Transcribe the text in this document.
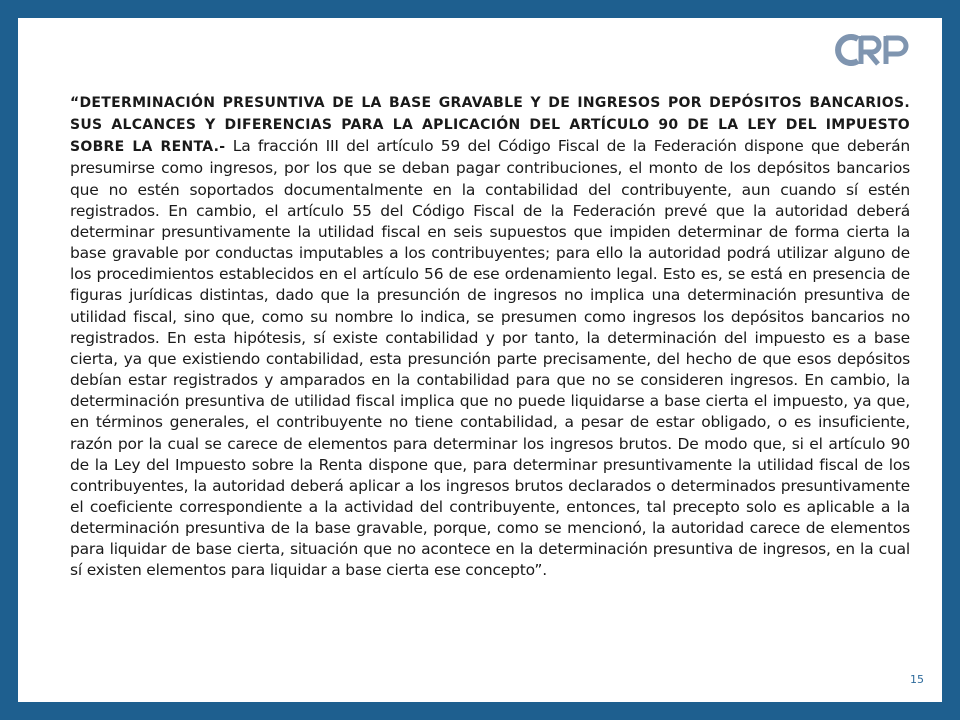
“DETERMINACIÓN PRESUNTIVA DE LA BASE GRAVABLE Y DE INGRESOS POR DEPÓSITOS BANCARIOS. SUS ALCANCES Y DIFERENCIAS PARA LA APLICACIÓN DEL ARTÍCULO 90 DE LA LEY DEL IMPUESTO SOBRE LA RENTA.- La fracción III del artículo 59 del Código Fiscal de la Federación dispone que deberán presumirse como ingresos, por los que se deban pagar contribuciones, el monto de los depósitos bancarios que no estén soportados documentalmente en la contabilidad del contribuyente, aun cuando sí estén registrados. En cambio, el artículo 55 del Código Fiscal de la Federación prevé que la autoridad deberá determinar presuntivamente la utilidad fiscal en seis supuestos que impiden determinar de forma cierta la base gravable por conductas imputables a los contribuyentes; para ello la autoridad podrá utilizar alguno de los procedimientos establecidos en el artículo 56 de ese ordenamiento legal. Esto es, se está en presencia de figuras jurídicas distintas, dado que la presunción de ingresos no implica una determinación presuntiva de utilidad fiscal, sino que, como su nombre lo indica, se presumen como ingresos los depósitos bancarios no registrados. En esta hipótesis, sí existe contabilidad y por tanto, la determinación del impuesto es a base cierta, ya que existiendo contabilidad, esta presunción parte precisamente, del hecho de que esos depósitos debían estar registrados y amparados en la contabilidad para que no se consideren ingresos. En cambio, la determinación presuntiva de utilidad fiscal implica que no puede liquidarse a base cierta el impuesto, ya que, en términos generales, el contribuyente no tiene contabilidad, a pesar de estar obligado, o es insuficiente, razón por la cual se carece de elementos para determinar los ingresos brutos. De modo que, si el artículo 90 de la Ley del Impuesto sobre la Renta dispone que, para determinar presuntivamente la utilidad fiscal de los contribuyentes, la autoridad deberá aplicar a los ingresos brutos declarados o determinados presuntivamente el coeficiente correspondiente a la actividad del contribuyente, entonces, tal precepto solo es aplicable a la determinación presuntiva de la base gravable, porque, como se mencionó, la autoridad carece de elementos para liquidar de base cierta, situación que no acontece en la determinación presuntiva de ingresos, en la cual sí existen elementos para liquidar a base cierta ese concepto”.

15
